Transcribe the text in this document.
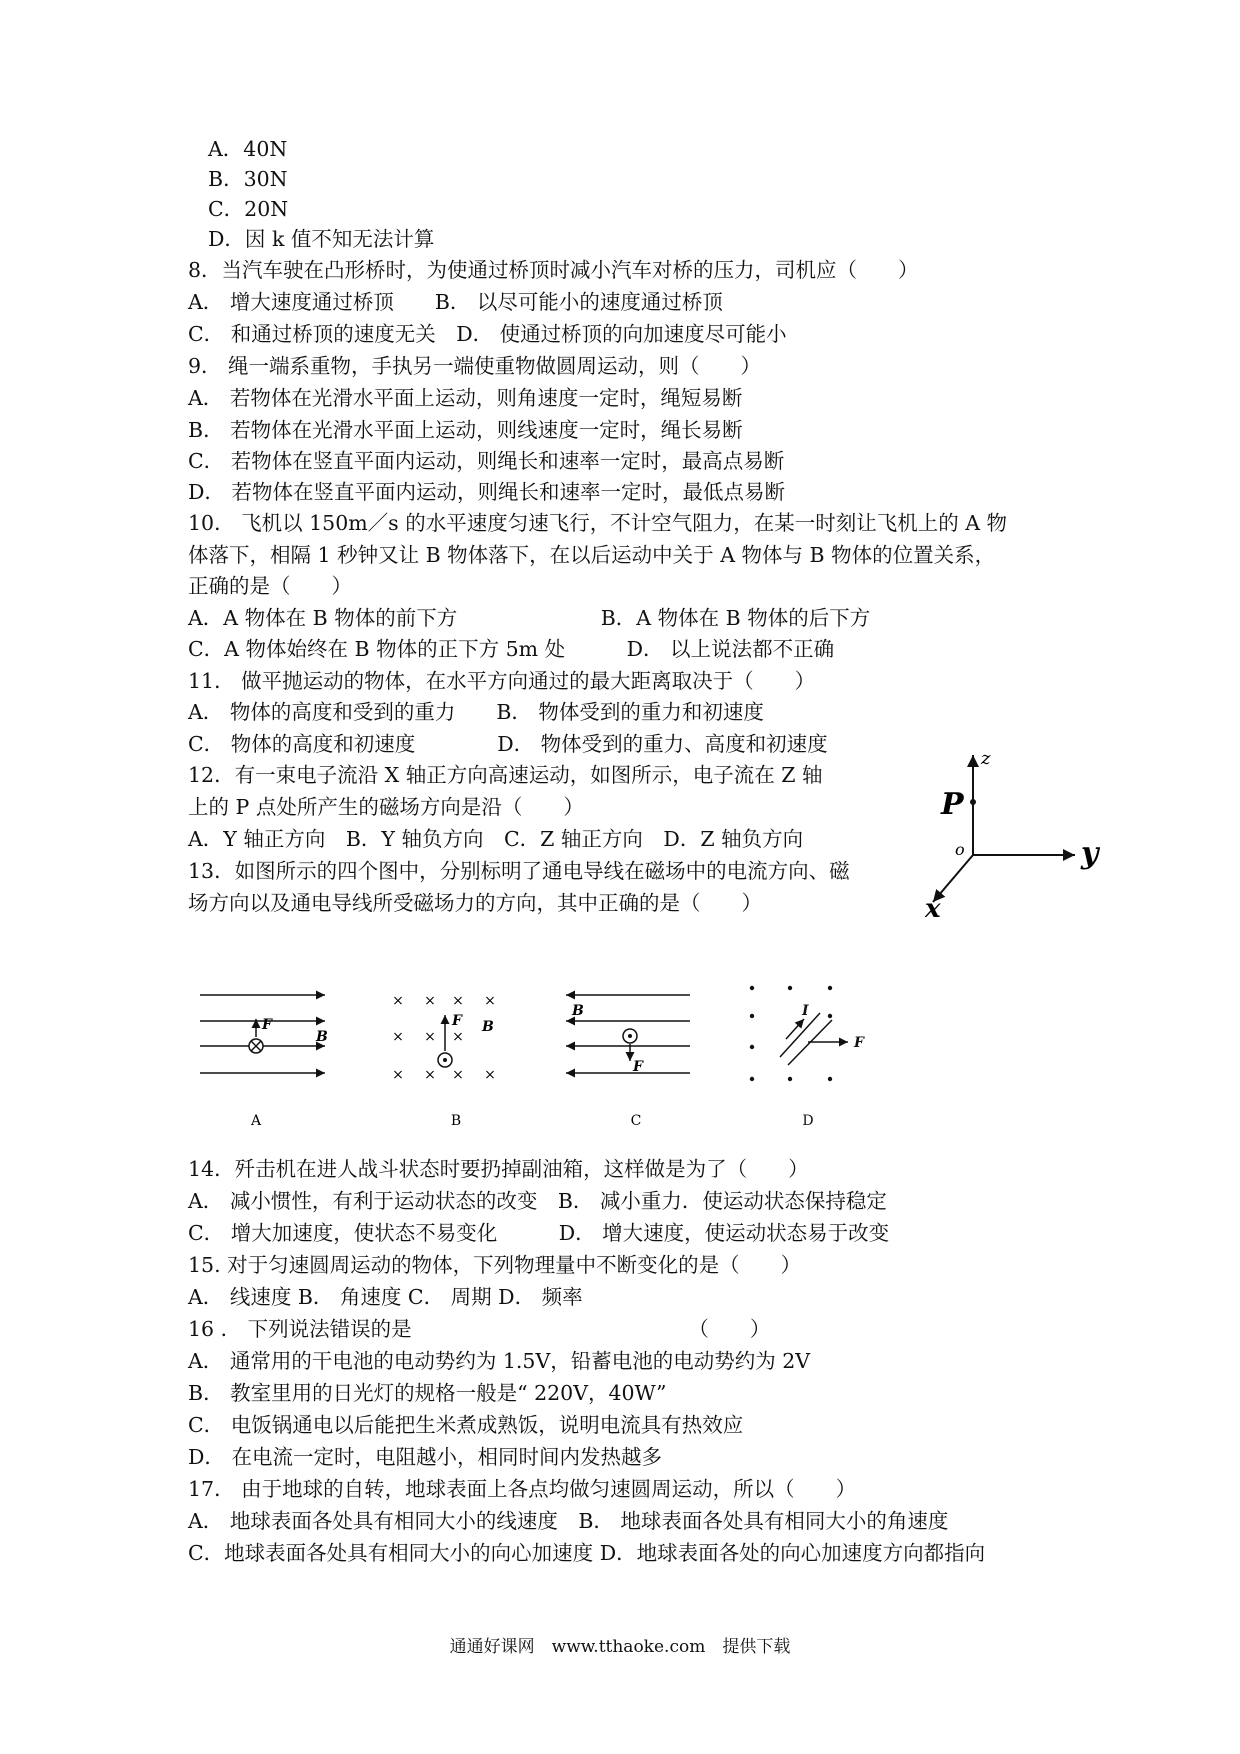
A．40N

B．30N

C．20N

D．因 k 值不知无法计算

8．当汽车驶在凸形桥时，为使通过桥顶时减小汽车对桥的压力，司机应（　　）

A． 增大速度通过桥顶　　B． 以尽可能小的速度通过桥顶

C． 和通过桥顶的速度无关　D． 使通过桥顶的向加速度尽可能小

9． 绳一端系重物，手执另一端使重物做圆周运动，则（　　）

A． 若物体在光滑水平面上运动，则角速度一定时，绳短易断

B． 若物体在光滑水平面上运动，则线速度一定时，绳长易断

C． 若物体在竖直平面内运动，则绳长和速率一定时，最高点易断

D． 若物体在竖直平面内运动，则绳长和速率一定时，最低点易断

10． 飞机以 150m／s 的水平速度匀速飞行，不计空气阻力，在某一时刻让飞机上的 A 物

体落下，相隔 1 秒钟又让 B 物体落下，在以后运动中关于 A 物体与 B 物体的位置关系，

正确的是（　　）

A．A 物体在 B 物体的前下方　　　　　　　B．A 物体在 B 物体的后下方

C．A 物体始终在 B 物体的正下方 5m 处　　　D． 以上说法都不正确

11． 做平抛运动的物体，在水平方向通过的最大距离取决于（　　）

A． 物体的高度和受到的重力　　B． 物体受到的重力和初速度

C． 物体的高度和初速度　　　　D． 物体受到的重力、高度和初速度

12．有一束电子流沿 X 轴正方向高速运动，如图所示，电子流在 Z 轴

上的 P 点处所产生的磁场方向是沿（　　）

A．Y 轴正方向　B．Y 轴负方向　C．Z 轴正方向　D．Z 轴负方向

13．如图所示的四个图中，分别标明了通电导线在磁场中的电流方向、磁

场方向以及通电导线所受磁场力的方向，其中正确的是（　　）

z
P
o	y
x
F
B
A
× × × ×
× × ×
× × × ×
F B
B
B
F
C
I
F
D

14．歼击机在进人战斗状态时要扔掉副油箱，这样做是为了（　　）

A． 减小惯性，有利于运动状态的改变　B． 减小重力．使运动状态保持稳定

C． 增大加速度，使状态不易变化　　　D． 增大速度，使运动状态易于改变

15. 对于匀速圆周运动的物体，下列物理量中不断变化的是（　　）

A． 线速度 B． 角速度 C． 周期 D． 频率

16 ． 下列说法错误的是　　　　　　　　　　　　　　（　　）

A． 通常用的干电池的电动势约为 1.5V，铅蓄电池的电动势约为 2V

B． 教室里用的日光灯的规格一般是“ 220V，40W”

C． 电饭锅通电以后能把生米煮成熟饭，说明电流具有热效应

D． 在电流一定时，电阻越小，相同时间内发热越多

17． 由于地球的自转，地球表面上各点均做匀速圆周运动，所以（　　）

A． 地球表面各处具有相同大小的线速度　B． 地球表面各处具有相同大小的角速度

C．地球表面各处具有相同大小的向心加速度 D．地球表面各处的向心加速度方向都指向

通通好课网　www.tthaoke.com　提供下载
